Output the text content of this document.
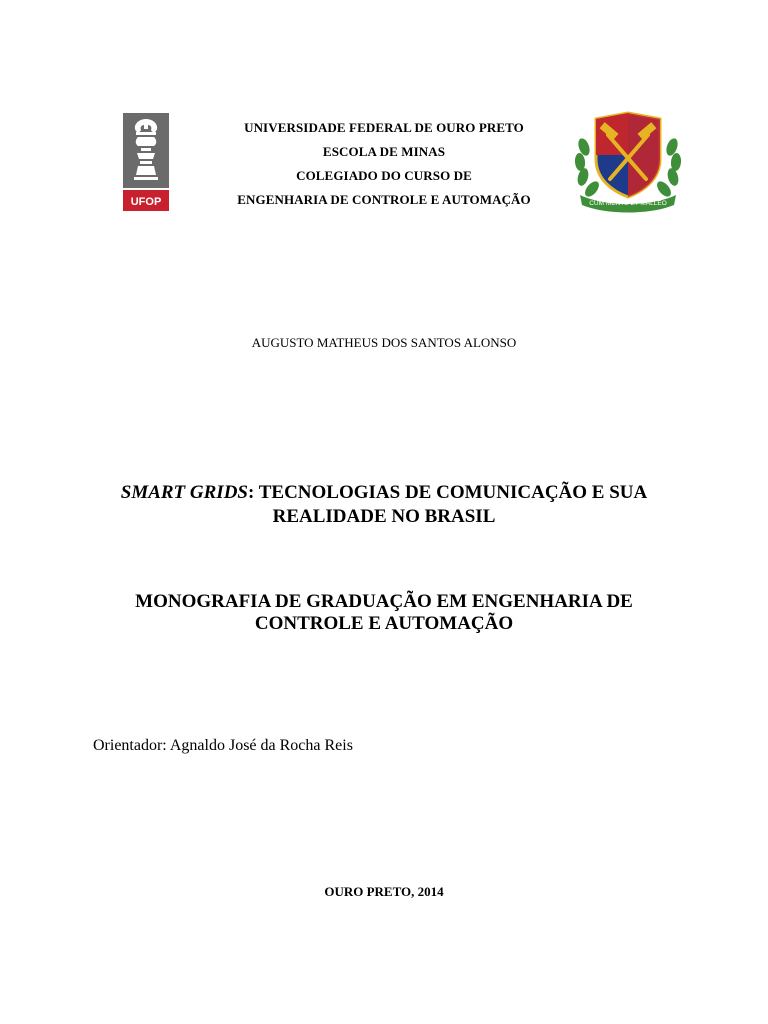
UFOP
UNIVERSIDADE FEDERAL DE OURO PRETO
ESCOLA DE MINAS
COLEGIADO DO CURSO DE
ENGENHARIA DE CONTROLE E AUTOMAÇÃO	CUM MENTE ET MALLEO
AUGUSTO MATHEUS DOS SANTOS ALONSO
SMART GRIDS: TECNOLOGIAS DE COMUNICAÇÃO E SUA
REALIDADE NO BRASIL
MONOGRAFIA DE GRADUAÇÃO EM ENGENHARIA DE
CONTROLE E AUTOMAÇÃO
Orientador: Agnaldo José da Rocha Reis
OURO PRETO, 2014
